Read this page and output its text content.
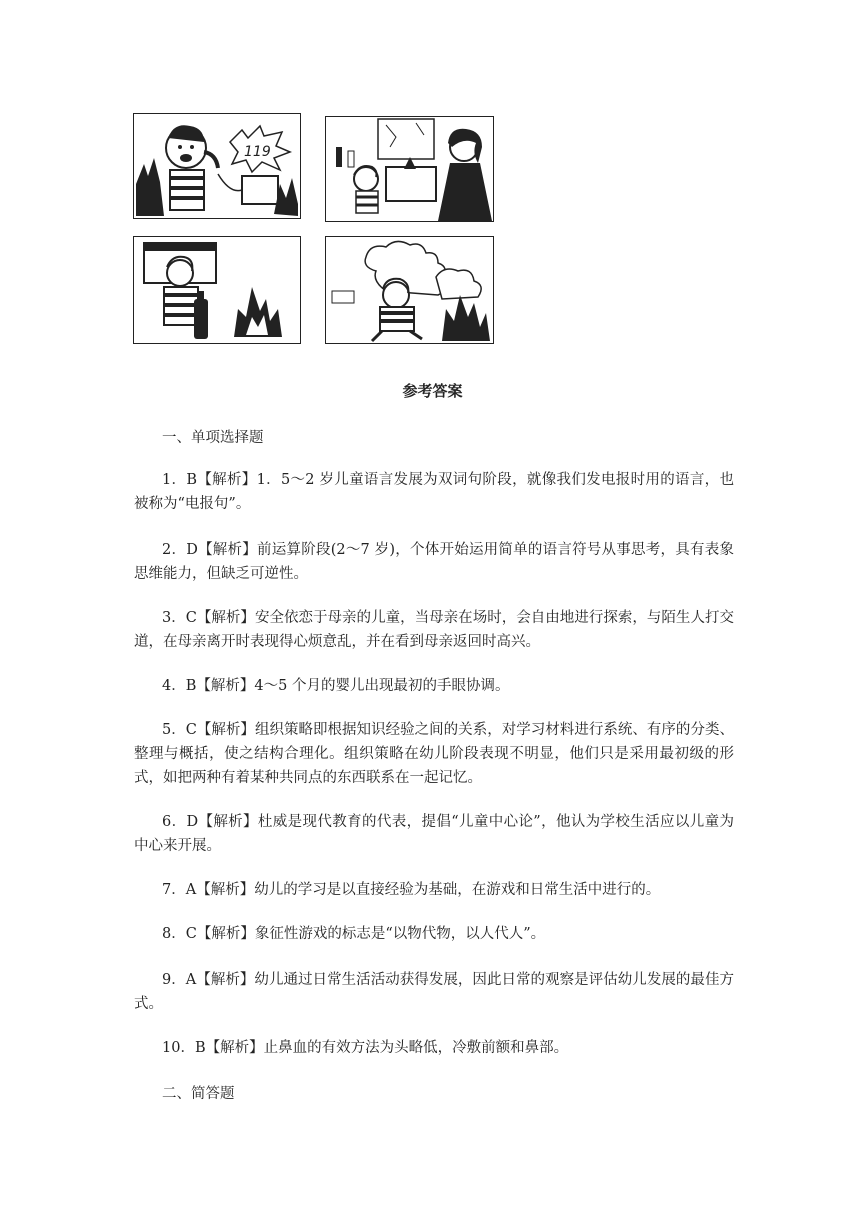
119
参考答案
一、单项选择题
1．B【解析】1．5～2 岁儿童语言发展为双词句阶段，就像我们发电报时用的语言，也被称为“电报句”。
2．D【解析】前运算阶段(2～7 岁)，个体开始运用简单的语言符号从事思考，具有表象思维能力，但缺乏可逆性。
3．C【解析】安全依恋于母亲的儿童，当母亲在场时，会自由地进行探索，与陌生人打交道，在母亲离开时表现得心烦意乱，并在看到母亲返回时高兴。
4．B【解析】4～5 个月的婴儿出现最初的手眼协调。
5．C【解析】组织策略即根据知识经验之间的关系，对学习材料进行系统、有序的分类、整理与概括，使之结构合理化。组织策略在幼儿阶段表现不明显，他们只是采用最初级的形式，如把两种有着某种共同点的东西联系在一起记忆。
6．D【解析】杜威是现代教育的代表，提倡“儿童中心论”，他认为学校生活应以儿童为中心来开展。
7．A【解析】幼儿的学习是以直接经验为基础，在游戏和日常生活中进行的。
8．C【解析】象征性游戏的标志是“以物代物，以人代人”。
9．A【解析】幼儿通过日常生活活动获得发展，因此日常的观察是评估幼儿发展的最佳方式。
10．B【解析】止鼻血的有效方法为头略低，冷敷前额和鼻部。
二、简答题
